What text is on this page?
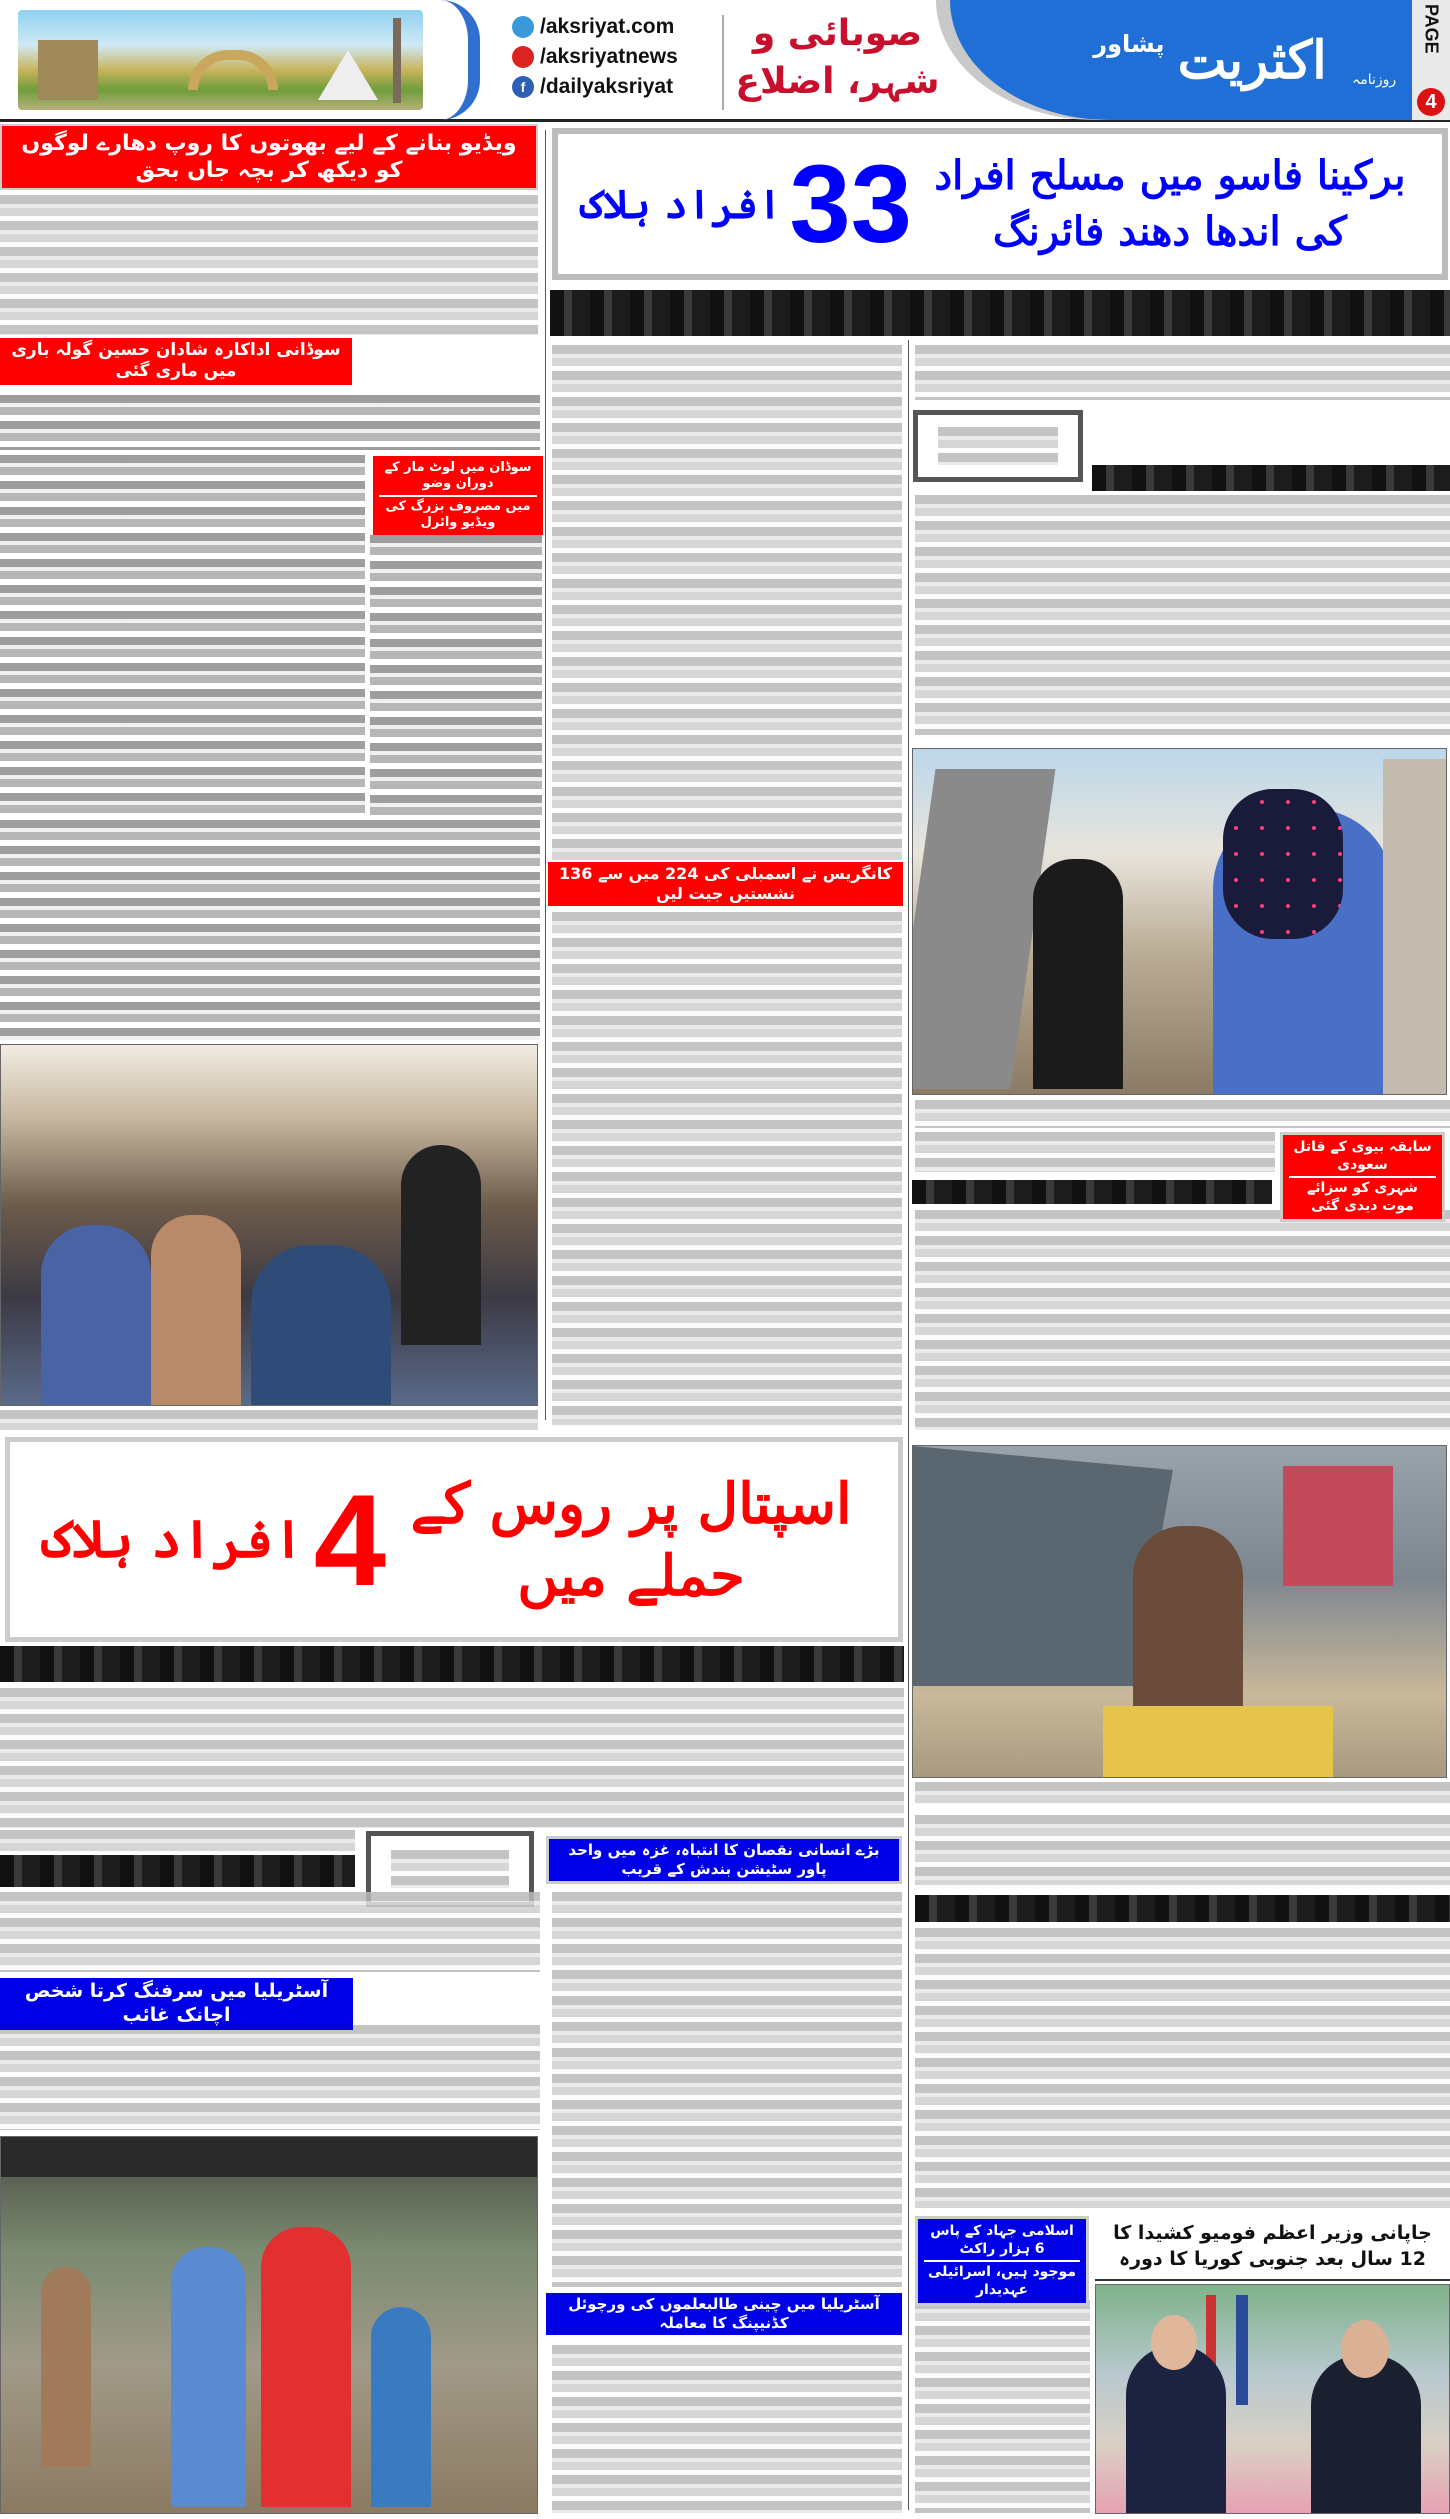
/aksriyat.com
/aksriyatnews
f /dailyaksriyat
صوبائی و
شہر، اضلاع	اکثریت پشاور
روزنامہ
PAGE
4
برکینا فاسو میں مسلح افراد کی اندھا دھند فائرنگ
33
افراد ہلاک
ویڈیو بنانے کے لیے بھوتوں کا روپ دھارے لوگوں کو دیکھ کر بچہ جاں بحق
سوڈانی اداکارہ شادان حسین گولہ باری میں ماری گئی
سوڈان میں لوٹ مار کے دوران وضو
میں مصروف بزرگ کی ویڈیو وائرل
کانگریس نے اسمبلی کی 224 میں سے 136 نشستیں جیت لیں
سابقہ بیوی کے قاتل سعودی
شہری کو سزائے موت دیدی گئی
اسپتال پر روس کے حملے میں
4
افراد ہلاک
آسٹریلیا میں سرفنگ کرتا شخص اچانک غائب
بڑے انسانی نقصان کا انتباہ، غزہ میں واحد پاور سٹیشن بندش کے قریب
آسٹریلیا میں چینی طالبعلموں کی ورچوئل کڈنیپنگ کا معاملہ
اسلامی جہاد کے پاس 6 ہزار راکٹ
موجود ہیں، اسرائیلی عہدیدار
جاپانی وزیر اعظم فومیو کشیدا کا 12 سال بعد جنوبی کوریا کا دورہ
